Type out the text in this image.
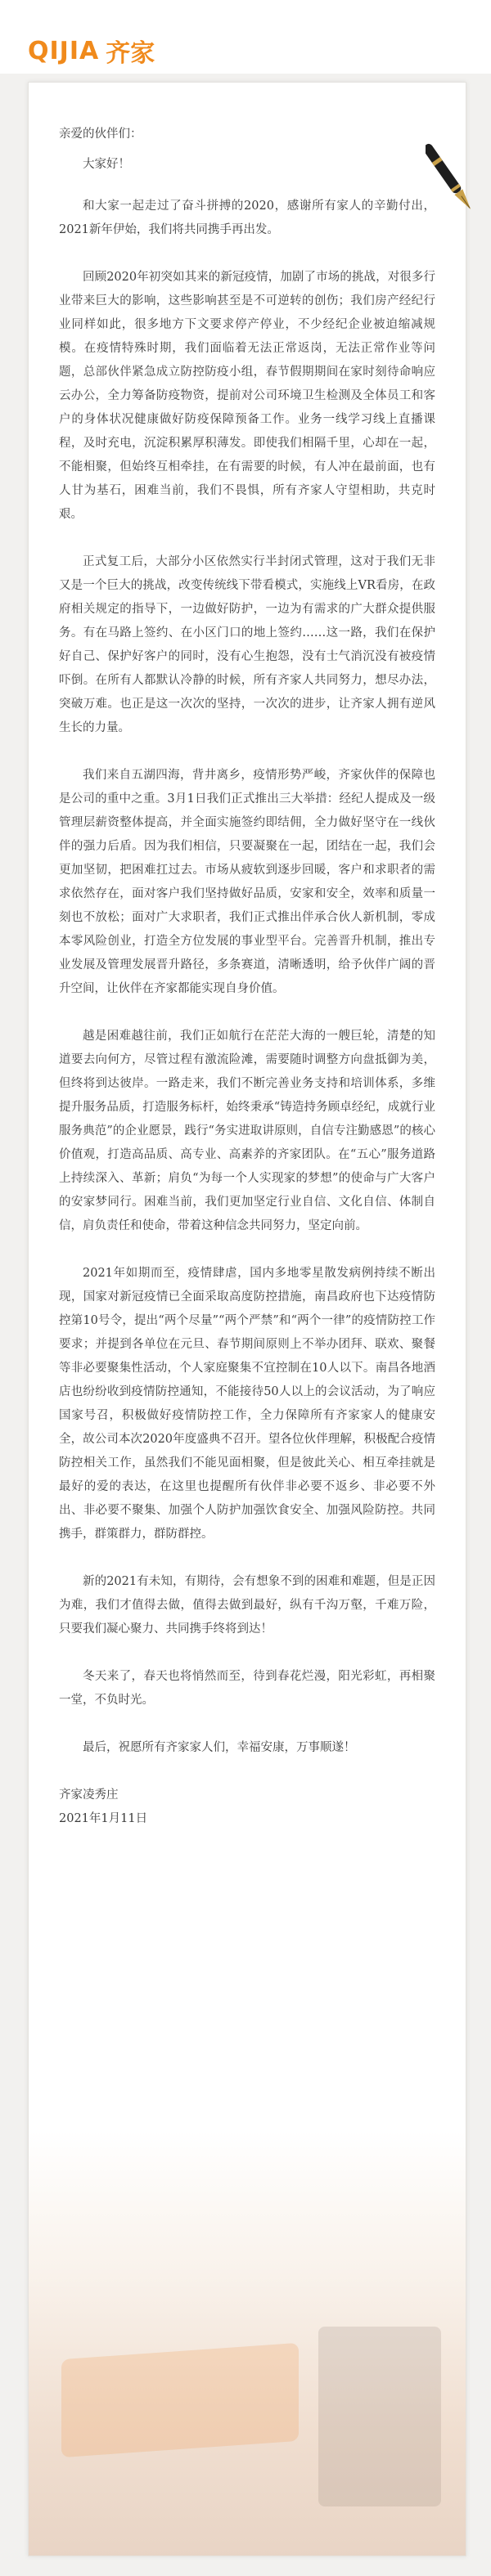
QIJIA 齐家

亲爱的伙伴们：

大家好！

和大家一起走过了奋斗拼搏的2020，感谢所有家人的辛勤付出，2021新年伊始，我们将共同携手再出发。

回顾2020年初突如其来的新冠疫情，加剧了市场的挑战，对很多行业带来巨大的影响，这些影响甚至是不可逆转的创伤；我们房产经纪行业同样如此，很多地方下文要求停产停业，不少经纪企业被迫缩减规模。在疫情特殊时期，我们面临着无法正常返岗，无法正常作业等问题，总部伙伴紧急成立防控防疫小组，春节假期期间在家时刻待命响应云办公，全力筹备防疫物资，提前对公司环境卫生检测及全体员工和客户的身体状况健康做好防疫保障预备工作。业务一线学习线上直播课程，及时充电，沉淀积累厚积薄发。即使我们相隔千里，心却在一起，不能相聚，但始终互相牵挂，在有需要的时候，有人冲在最前面，也有人甘为基石，困难当前，我们不畏惧，所有齐家人守望相助，共克时艰。

正式复工后，大部分小区依然实行半封闭式管理，这对于我们无非又是一个巨大的挑战，改变传统线下带看模式，实施线上VR看房，在政府相关规定的指导下，一边做好防护，一边为有需求的广大群众提供服务。有在马路上签约、在小区门口的地上签约……这一路，我们在保护好自己、保护好客户的同时，没有心生抱怨，没有士气消沉没有被疫情吓倒。在所有人都默认冷静的时候，所有齐家人共同努力，想尽办法，突破万难。也正是这一次次的坚持，一次次的进步，让齐家人拥有逆风生长的力量。

我们来自五湖四海，背井离乡，疫情形势严峻，齐家伙伴的保障也是公司的重中之重。3月1日我们正式推出三大举措：经纪人提成及一级管理层薪资整体提高，并全面实施签约即结佣，全力做好坚守在一线伙伴的强力后盾。因为我们相信，只要凝聚在一起，团结在一起，我们会更加坚韧，把困难扛过去。市场从疲软到逐步回暖，客户和求职者的需求依然存在，面对客户我们坚持做好品质，安家和安全，效率和质量一刻也不放松；面对广大求职者，我们正式推出伴承合伙人新机制，零成本零风险创业，打造全方位发展的事业型平台。完善晋升机制，推出专业发展及管理发展晋升路径，多条赛道，清晰透明，给予伙伴广阔的晋升空间，让伙伴在齐家都能实现自身价值。

越是困难越往前，我们正如航行在茫茫大海的一艘巨轮，清楚的知道要去向何方，尽管过程有激流险滩，需要随时调整方向盘抵御为美，但终将到达彼岸。一路走来，我们不断完善业务支持和培训体系，多维提升服务品质，打造服务标杆，始终秉承“铸造持务顾卓经纪，成就行业服务典范”的企业愿景，践行“务实进取讲原则，自信专注勤感恩”的核心价值观，打造高品质、高专业、高素养的齐家团队。在“五心”服务道路上持续深入、革新；肩负“为每一个人实现家的梦想”的使命与广大客户的安家梦同行。困难当前，我们更加坚定行业自信、文化自信、体制自信，肩负责任和使命，带着这种信念共同努力，坚定向前。

2021年如期而至，疫情肆虐，国内多地零星散发病例持续不断出现，国家对新冠疫情已全面采取高度防控措施，南昌政府也下达疫情防控第10号令，提出“两个尽量”“两个严禁”和“两个一律”的疫情防控工作要求；并提到各单位在元旦、春节期间原则上不举办团拜、联欢、聚餐等非必要聚集性活动，个人家庭聚集不宜控制在10人以下。南昌各地酒店也纷纷收到疫情防控通知，不能接待50人以上的会议活动，为了响应国家号召，积极做好疫情防控工作，全力保障所有齐家家人的健康安全，故公司本次2020年度盛典不召开。望各位伙伴理解，积极配合疫情防控相关工作，虽然我们不能见面相聚，但是彼此关心、相互牵挂就是最好的爱的表达，在这里也提醒所有伙伴非必要不返乡、非必要不外出、非必要不聚集、加强个人防护加强饮食安全、加强风险防控。共同携手，群策群力，群防群控。

新的2021有未知，有期待，会有想象不到的困难和难题，但是正因为难，我们才值得去做，值得去做到最好，纵有千沟万壑，千难万险，只要我们凝心聚力、共同携手终将到达！

冬天来了，春天也将悄然而至，待到春花烂漫，阳光彩虹，再相聚一堂，不负时光。

最后，祝愿所有齐家家人们，幸福安康，万事顺遂！

齐家凌秀庄

2021年1月11日
